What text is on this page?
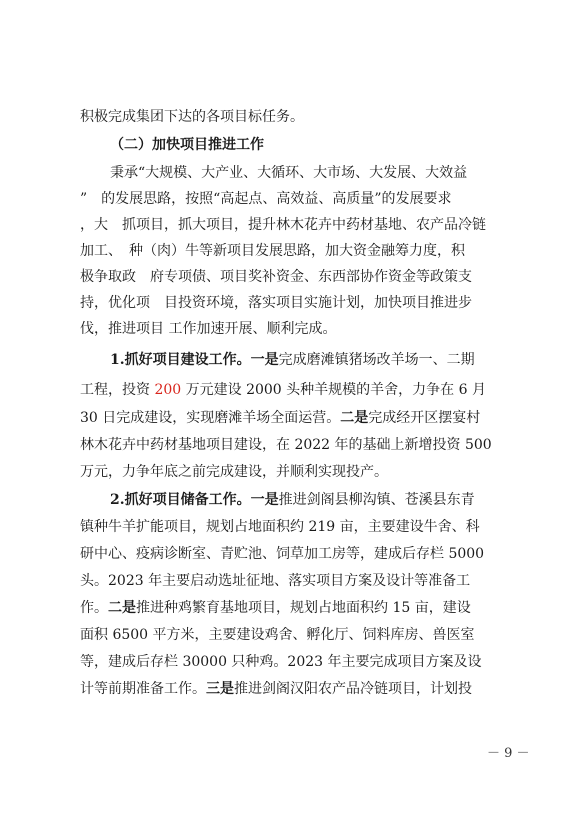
积极完成集团下达的各项目标任务。
（二）加快项目推进工作
秉承“大规模、大产业、大循环、大市场、大发展、大效益
”　的发展思路，按照“高起点、高效益、高质量”的发展要求
，大　抓项目，抓大项目，提升林木花卉中药材基地、农产品冷链
加工、　种（肉）牛等新项目发展思路，加大资金融筹力度，积
极争取政　府专项债、项目奖补资金、东西部协作资金等政策支
持，优化项　目投资环境，落实项目实施计划，加快项目推进步
伐，推进项目 工作加速开展、顺利完成。
1.抓好项目建设工作。一是完成磨滩镇猪场改羊场一、二期
工程，投资 200 万元建设 2000 头种羊规模的羊舍，力争在 6 月
30 日完成建设，实现磨滩羊场全面运营。二是完成经开区摆宴村
林木花卉中药材基地项目建设，在 2022 年的基础上新增投资 500
万元，力争年底之前完成建设，并顺利实现投产。
2.抓好项目储备工作。一是推进剑阁县柳沟镇、苍溪县东青
镇种牛羊扩能项目，规划占地面积约 219 亩，主要建设牛舍、科
研中心、疫病诊断室、青贮池、饲草加工房等，建成后存栏 5000
头。2023 年主要启动选址征地、落实项目方案及设计等准备工
作。二是推进种鸡繁育基地项目，规划占地面积约 15 亩，建设
面积 6500 平方米，主要建设鸡舍、孵化厅、饲料库房、兽医室
等，建成后存栏 30000 只种鸡。2023 年主要完成项目方案及设
计等前期准备工作。三是推进剑阁汉阳农产品冷链项目，计划投
－ 9 －
